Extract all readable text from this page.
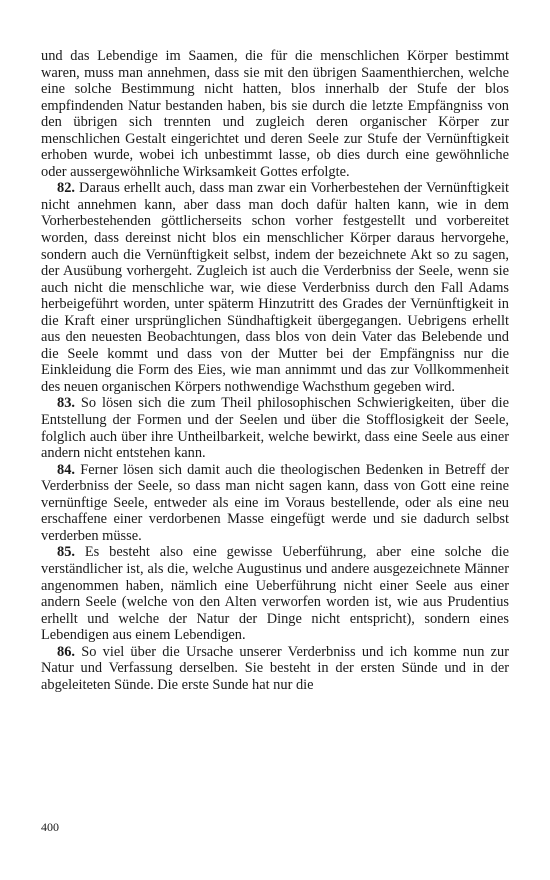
und das Lebendige im Saamen, die für die menschlichen Körper bestimmt waren, muss man annehmen, dass sie mit den übrigen Saamenthierchen, welche eine solche Bestimmung nicht hatten, blos innerhalb der Stufe der blos empfindenden Natur bestanden haben, bis sie durch die letzte Empfängniss von den übrigen sich trennten und zugleich deren organischer Körper zur menschlichen Gestalt eingerichtet und deren Seele zur Stufe der Vernünftigkeit erhoben wurde, wobei ich unbestimmt lasse, ob dies durch eine gewöhnliche oder aussergewöhnliche Wirksamkeit Gottes erfolgte.

82. Daraus erhellt auch, dass man zwar ein Vorherbestehen der Vernünftigkeit nicht annehmen kann, aber dass man doch dafür halten kann, wie in dem Vorherbestehenden göttlicherseits schon vorher festgestellt und vorbereitet worden, dass dereinst nicht blos ein menschlicher Körper daraus hervorgehe, sondern auch die Vernünftigkeit selbst, indem der bezeichnete Akt so zu sagen, der Ausübung vorhergeht. Zugleich ist auch die Verderbniss der Seele, wenn sie auch nicht die menschliche war, wie diese Verderbniss durch den Fall Adams herbeigeführt worden, unter späterm Hinzutritt des Grades der Vernünftigkeit in die Kraft einer ursprünglichen Sündhaftigkeit übergegangen. Uebrigens erhellt aus den neuesten Beobachtungen, dass blos von dein Vater das Belebende und die Seele kommt und dass von der Mutter bei der Empfängniss nur die Einkleidung die Form des Eies, wie man annimmt und das zur Vollkommenheit des neuen organischen Körpers nothwendige Wachsthum gegeben wird.

83. So lösen sich die zum Theil philosophischen Schwierigkeiten, über die Entstellung der Formen und der Seelen und über die Stofflosigkeit der Seele, folglich auch über ihre Untheilbarkeit, welche bewirkt, dass eine Seele aus einer andern nicht entstehen kann.

84. Ferner lösen sich damit auch die theologischen Bedenken in Betreff der Verderbniss der Seele, so dass man nicht sagen kann, dass von Gott eine reine vernünftige Seele, entweder als eine im Voraus bestellende, oder als eine neu erschaffene einer verdorbenen Masse eingefügt werde und sie dadurch selbst verderben müsse.

85. Es besteht also eine gewisse Ueberführung, aber eine solche die verständlicher ist, als die, welche Augustinus und andere ausgezeichnete Männer angenommen haben, nämlich eine Ueberführung nicht einer Seele aus einer andern Seele (welche von den Alten verworfen worden ist, wie aus Prudentius erhellt und welche der Natur der Dinge nicht entspricht), sondern eines Lebendigen aus einem Lebendigen.

86. So viel über die Ursache unserer Verderbniss und ich komme nun zur Natur und Verfassung derselben. Sie besteht in der ersten Sünde und in der abgeleiteten Sünde. Die erste Sunde hat nur die

400
